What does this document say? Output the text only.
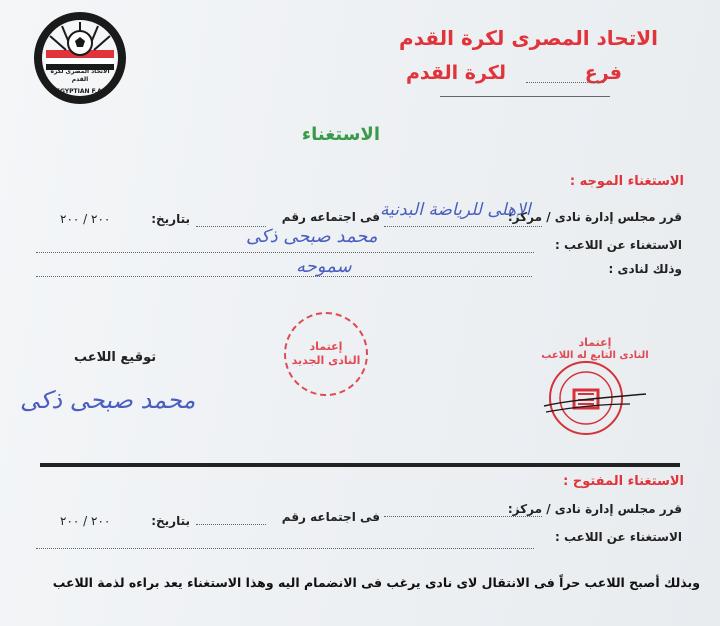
الاتحاد المصرى لكرة القدم
EGYPTIAN F.A.
الاتحاد المصرى لكرة القدم
فرع
لكرة القدم
الاستغناء
الاستغناء الموجه :
قرر مجلس إدارة نادى / مركز:
فى اجتماعه رقم
بتاريخ:
٢٠٠ / ٢٠٠	الاهلى للرياضة البدنية
الاستغناء عن اللاعب :
محمد صبحى ذكى
وذلك لنادى :
سموحه
إعتماد
النادى الجديد
إعتماد
النادى التابع له اللاعب
توقيع اللاعب
محمد صبحى ذكى
الاستغناء المفتوح :
قرر مجلس إدارة نادى / مركز:
فى اجتماعه رقم
بتاريخ:
٢٠٠ / ٢٠٠
الاستغناء عن اللاعب :
وبذلك أصبح اللاعب حراً فى الانتقال لاى نادى يرغب فى الانضمام اليه وهذا الاستغناء يعد براءه لذمة اللاعب
